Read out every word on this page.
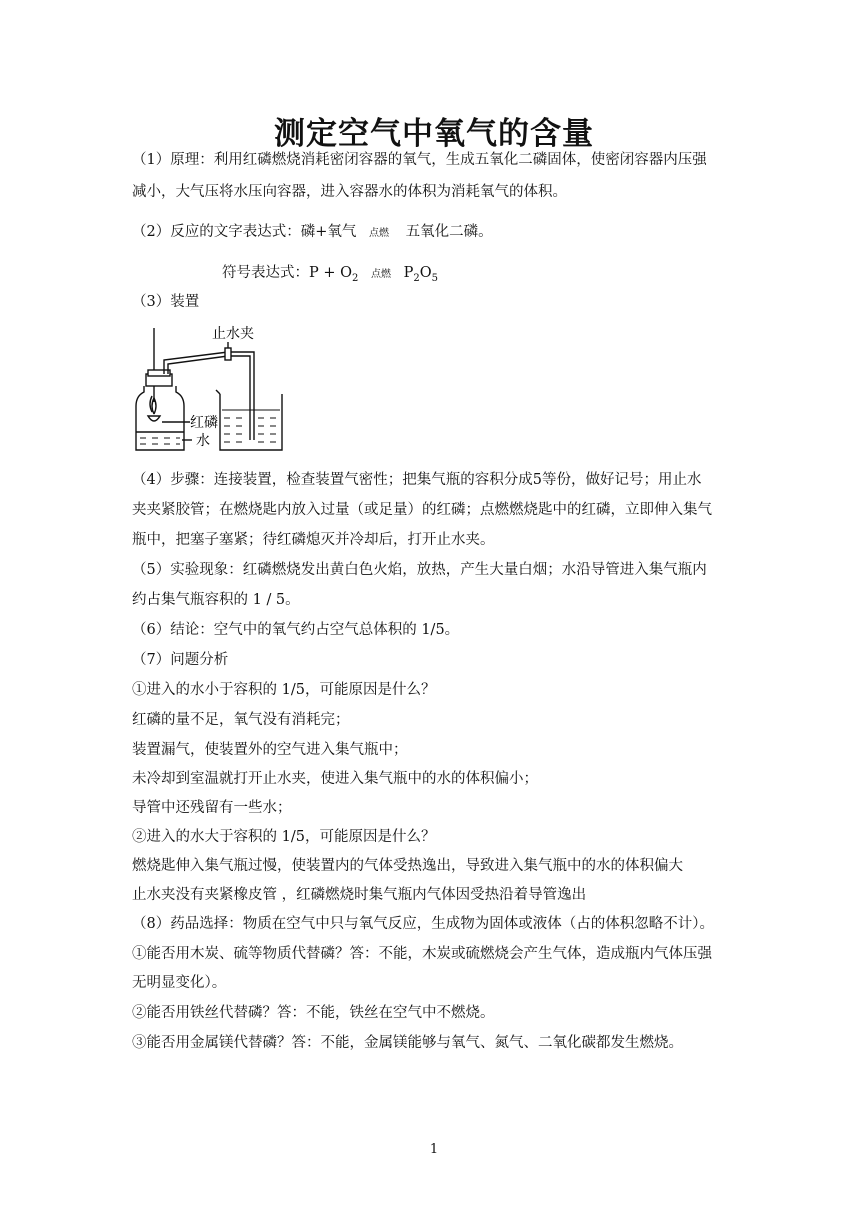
测定空气中氧气的含量
（1）原理：利用红磷燃烧消耗密闭容器的氧气，生成五氧化二磷固体，使密闭容器内压强
减小，大气压将水压向容器，进入容器水的体积为消耗氧气的体积。
（2）反应的文字表达式：磷+氧气 点燃 五氧化二磷。
符号表达式：$P + O_2$ 点燃 $P_2O_5$
（3）装置
止水夹
红磷
水
（4）步骤：连接装置，检查装置气密性；把集气瓶的容积分成5等份，做好记号；用止水
夹夹紧胶管；在燃烧匙内放入过量（或足量）的红磷；点燃燃烧匙中的红磷，立即伸入集气
瓶中，把塞子塞紧；待红磷熄灭并冷却后，打开止水夹。
（5）实验现象：红磷燃烧发出黄白色火焰，放热，产生大量白烟；水沿导管进入集气瓶内
约占集气瓶容积的 1 / 5。
（6）结论：空气中的氧气约占空气总体积的 1/5。
（7）问题分析
①进入的水小于容积的 1/5，可能原因是什么？
红磷的量不足，氧气没有消耗完；
装置漏气，使装置外的空气进入集气瓶中；
未冷却到室温就打开止水夹，使进入集气瓶中的水的体积偏小；
导管中还残留有一些水；
②进入的水大于容积的 1/5，可能原因是什么？
燃烧匙伸入集气瓶过慢，使装置内的气体受热逸出，导致进入集气瓶中的水的体积偏大
止水夹没有夹紧橡皮管 ，红磷燃烧时集气瓶内气体因受热沿着导管逸出
（8）药品选择：物质在空气中只与氧气反应，生成物为固体或液体（占的体积忽略不计）。
①能否用木炭、硫等物质代替磷？答：不能，木炭或硫燃烧会产生气体，造成瓶内气体压强
无明显变化）。
②能否用铁丝代替磷？答：不能，铁丝在空气中不燃烧。
③能否用金属镁代替磷？答：不能，金属镁能够与氧气、氮气、二氧化碳都发生燃烧。
1
